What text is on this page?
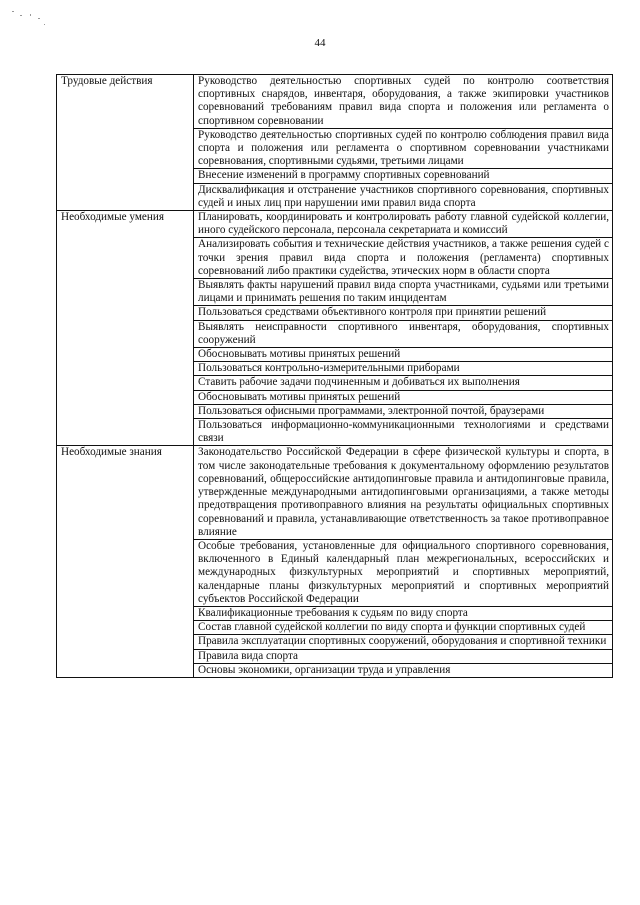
44
Трудовые действия	Руководство деятельностью спортивных судей по контролю соответствия спортивных снарядов, инвентаря, оборудования, а также экипировки участников соревнований требованиям правил вида спорта и положения или регламента о спортивном соревновании
	Руководство деятельностью спортивных судей по контролю соблюдения правил вида спорта и положения или регламента о спортивном соревновании участниками соревнования, спортивными судьями, третьими лицами
	Внесение изменений в программу спортивных соревнований
	Дисквалификация и отстранение участников спортивного соревнования, спортивных судей и иных лиц при нарушении ими правил вида спорта
Необходимые умения	Планировать, координировать и контролировать работу главной судейской коллегии, иного судейского персонала, персонала секретариата и комиссий
	Анализировать события и технические действия участников, а также решения судей с точки зрения правил вида спорта и положения (регламента) спортивных соревнований либо практики судейства, этических норм в области спорта
	Выявлять факты нарушений правил вида спорта участниками, судьями или третьими лицами и принимать решения по таким инцидентам
	Пользоваться средствами объективного контроля при принятии решений
	Выявлять неисправности спортивного инвентаря, оборудования, спортивных сооружений
	Обосновывать мотивы принятых решений
	Пользоваться контрольно-измерительными приборами
	Ставить рабочие задачи подчиненным и добиваться их выполнения
	Обосновывать мотивы принятых решений
	Пользоваться офисными программами, электронной почтой, браузерами
	Пользоваться информационно-коммуникационными технологиями и средствами связи
Необходимые знания	Законодательство Российской Федерации в сфере физической культуры и спорта, в том числе законодательные требования к документальному оформлению результатов соревнований, общероссийские антидопинговые правила и антидопинговые правила, утвержденные международными антидопинговыми организациями, а также методы предотвращения противоправного влияния на результаты официальных спортивных соревнований и правила, устанавливающие ответственность за такое противоправное влияние
	Особые требования, установленные для официального спортивного соревнования, включенного в Единый календарный план межрегиональных, всероссийских и международных физкультурных мероприятий и спортивных мероприятий, календарные планы физкультурных мероприятий и спортивных мероприятий субъектов Российской Федерации
	Квалификационные требования к судьям по виду спорта
	Состав главной судейской коллегии по виду спорта и функции спортивных судей
	Правила эксплуатации спортивных сооружений, оборудования и спортивной техники
	Правила вида спорта
	Основы экономики, организации труда и управления
